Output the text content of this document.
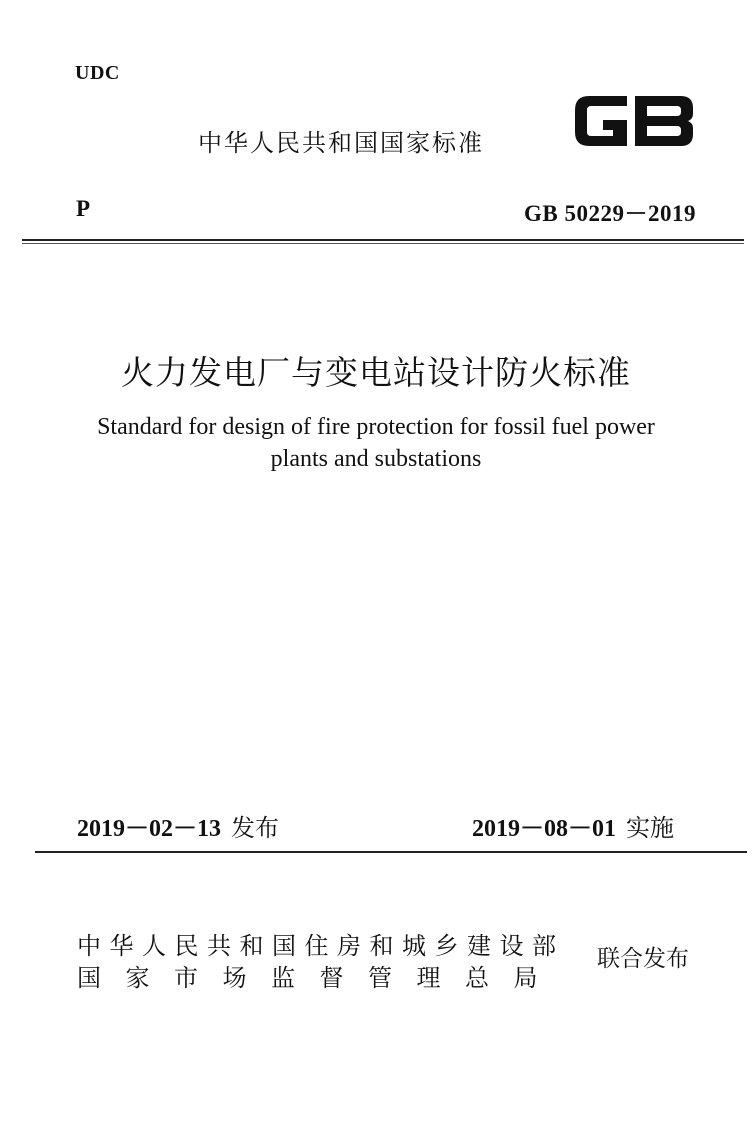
UDC
中华人民共和国国家标准
P	GB 50229－2019
火力发电厂与变电站设计防火标准
Standard for design of fire protection for fossil fuel power
plants and substations
2019－02－13 发布	2019－08－01 实施
中华人民共和国住房和城乡建设部
国家市场监督管理总局
联合发布
